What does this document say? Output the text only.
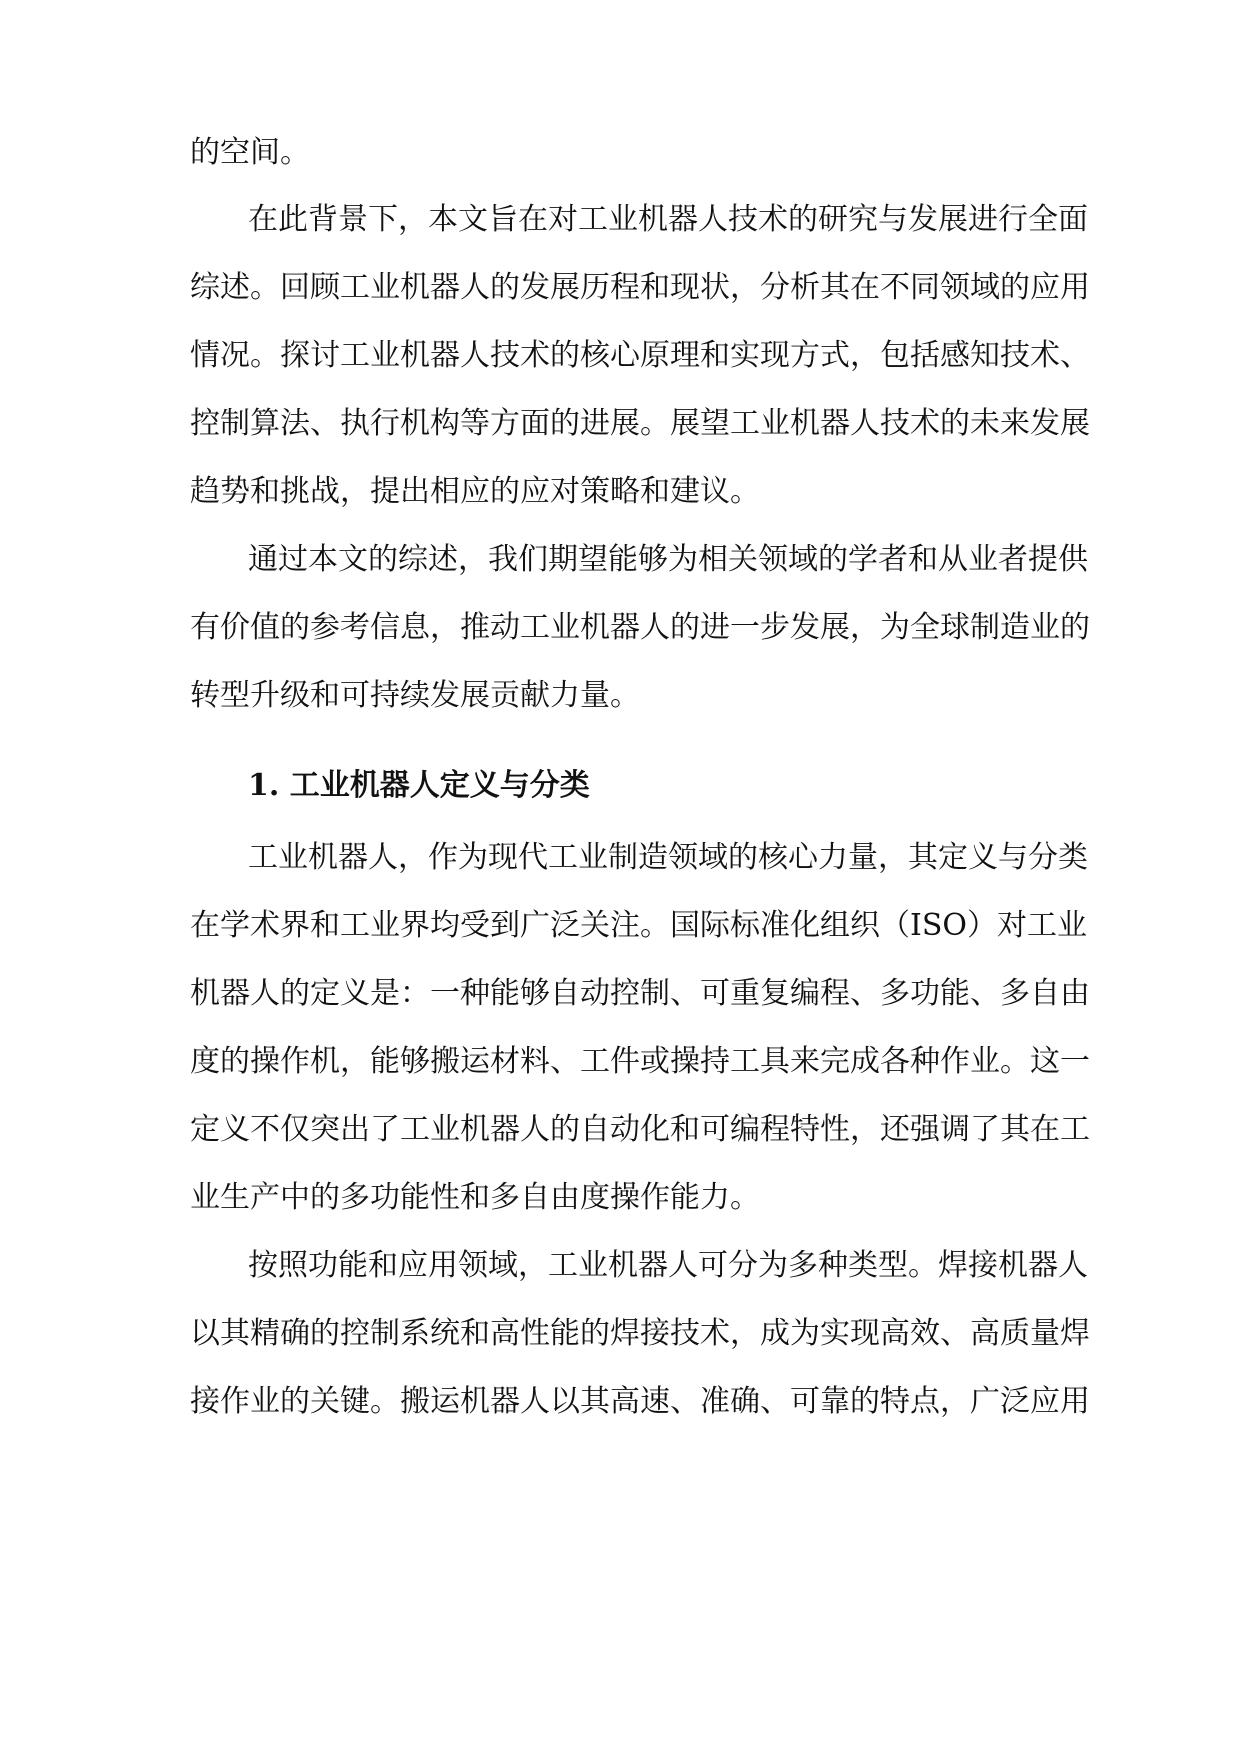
的空间。
在此背景下，本文旨在对工业机器人技术的研究与发展进行全面
综述。回顾工业机器人的发展历程和现状，分析其在不同领域的应用
情况。探讨工业机器人技术的核心原理和实现方式，包括感知技术、
控制算法、执行机构等方面的进展。展望工业机器人技术的未来发展
趋势和挑战，提出相应的应对策略和建议。
通过本文的综述，我们期望能够为相关领域的学者和从业者提供
有价值的参考信息，推动工业机器人的进一步发展，为全球制造业的
转型升级和可持续发展贡献力量。
1. 工业机器人定义与分类
工业机器人，作为现代工业制造领域的核心力量，其定义与分类
在学术界和工业界均受到广泛关注。国际标准化组织（ISO）对工业
机器人的定义是：一种能够自动控制、可重复编程、多功能、多自由
度的操作机，能够搬运材料、工件或操持工具来完成各种作业。这一
定义不仅突出了工业机器人的自动化和可编程特性，还强调了其在工
业生产中的多功能性和多自由度操作能力。
按照功能和应用领域，工业机器人可分为多种类型。焊接机器人
以其精确的控制系统和高性能的焊接技术，成为实现高效、高质量焊
接作业的关键。搬运机器人以其高速、准确、可靠的特点，广泛应用
